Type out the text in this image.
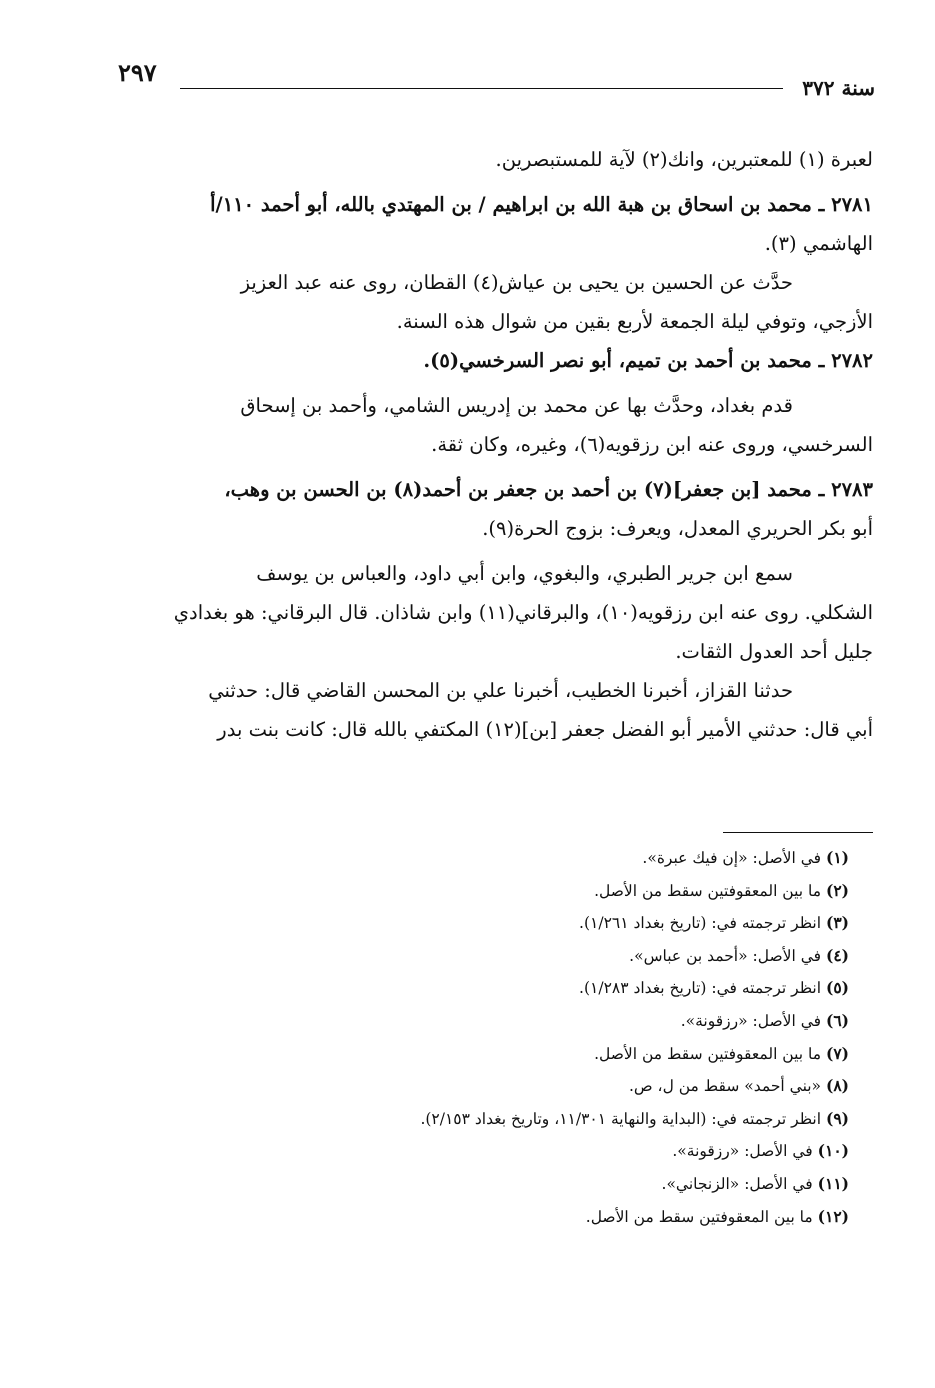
سنة ٣٧٢
٢٩٧

لعبرة (١) للمعتبرين، وانك(٢) لآية للمستبصرين.

٢٧٨١ ـ محمد بن اسحاق بن هبة الله بن ابراهيم / بن المهتدي بالله، أبو أحمد ١١٠/أ

الهاشمي (٣).

حدَّث عن الحسين بن يحيى بن عياش(٤) القطان، روى عنه عبد العزيز

الأزجي، وتوفي ليلة الجمعة لأربع بقين من شوال هذه السنة.

٢٧٨٢ ـ محمد بن أحمد بن تميم، أبو نصر السرخسي(٥).

قدم بغداد، وحدَّث بها عن محمد بن إدريس الشامي، وأحمد بن إسحاق

السرخسي، وروى عنه ابن رزقويه(٦)، وغيره، وكان ثقة.

٢٧٨٣ ـ محمد [بن جعفر](٧) بن أحمد بن جعفر بن أحمد(٨) بن الحسن بن وهب،

أبو بكر الحريري المعدل، ويعرف: بزوج الحرة(٩).

سمع ابن جرير الطبري، والبغوي، وابن أبي داود، والعباس بن يوسف

الشكلي. روى عنه ابن رزقويه(١٠)، والبرقاني(١١) وابن شاذان. قال البرقاني: هو بغدادي

جليل أحد العدول الثقات.

حدثنا القزاز، أخبرنا الخطيب، أخبرنا علي بن المحسن القاضي قال: حدثني

أبي قال: حدثني الأمير أبو الفضل جعفر [بن](١٢) المكتفي بالله قال: كانت بنت بدر

(١) في الأصل: «إن فيك عبرة».
(٢) ما بين المعقوفتين سقط من الأصل.
(٣) انظر ترجمته في: (تاريخ بغداد ١/٢٦١).
(٤) في الأصل: «أحمد بن عباس».
(٥) انظر ترجمته في: (تاريخ بغداد ١/٢٨٣).
(٦) في الأصل: «رزقونة».
(٧) ما بين المعقوفتين سقط من الأصل.
(٨) «بني أحمد» سقط من ل، ص.
(٩) انظر ترجمته في: (البداية والنهاية ١١/٣٠١، وتاريخ بغداد ٢/١٥٣).
(١٠) في الأصل: «رزقونة».
(١١) في الأصل: «الزنجاني».
(١٢) ما بين المعقوفتين سقط من الأصل.
